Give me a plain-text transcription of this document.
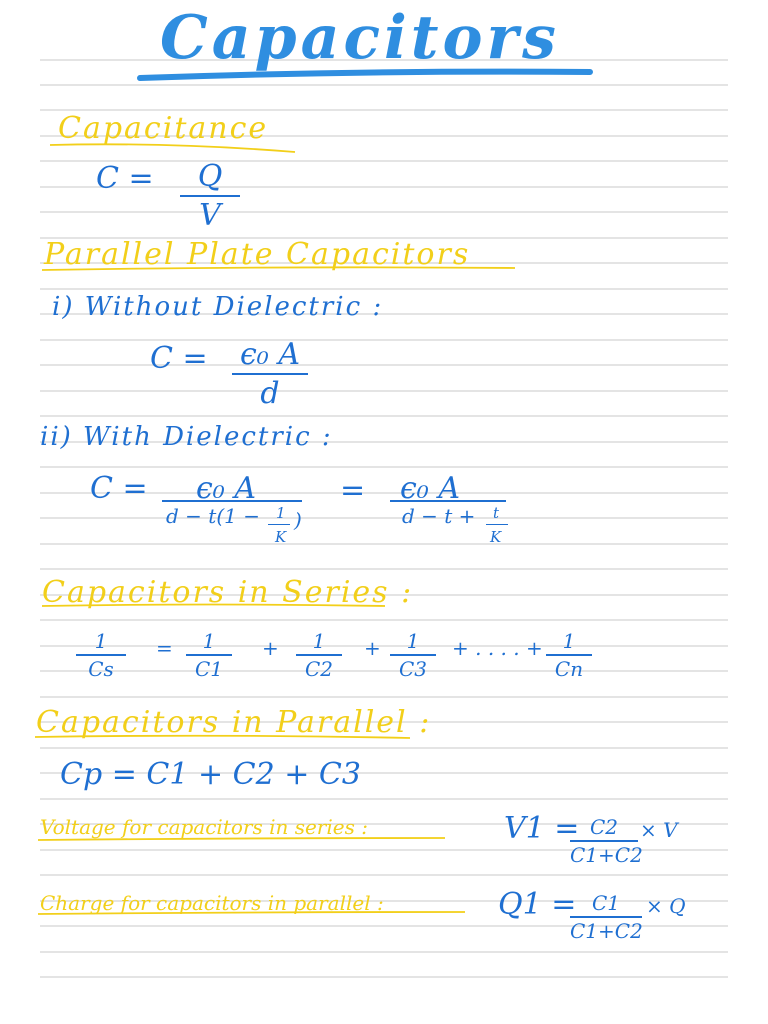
Capacitors
Capacitance
C =	Q
V
Parallel Plate Capacitors
i) Without Dielectric :
C = ϵ₀ A
d
ii) With Dielectric :
C = ϵ₀ A
d − t(1 − 1
K
)
= ϵ₀ A
d − t + t
K
Capacitors in Series :
1
Cs
=	1
C1
+	1
C2
+	1
C3
+ . . . . + 1
Cn
Capacitors in Parallel :
Cp = C1 + C2 + C3
Voltage for capacitors in series :	V1 = C2
C1+C2
× V
Charge for capacitors in parallel :	Q1 = C1
C1+C2
× Q
